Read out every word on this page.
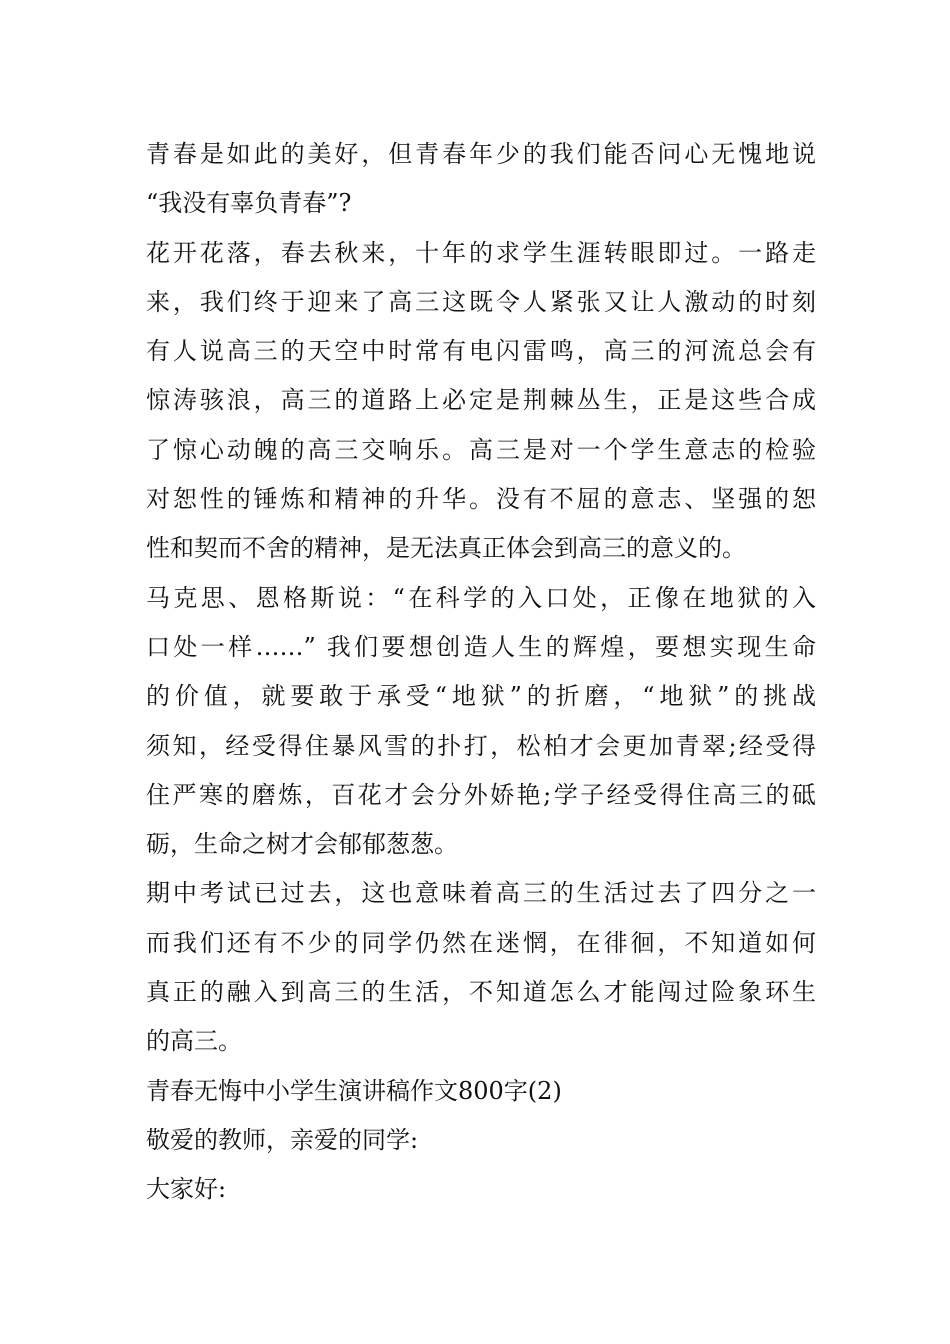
青春是如此的美好，但青春年少的我们能否问心无愧地说
“我没有辜负青春”?
花开花落，春去秋来，十年的求学生涯转眼即过。一路走
来，我们终于迎来了高三这既令人紧张又让人激动的时刻
有人说高三的天空中时常有电闪雷鸣，高三的河流总会有
惊涛骇浪，高三的道路上必定是荆棘丛生，正是这些合成
了惊心动魄的高三交响乐。高三是对一个学生意志的检验
对恕性的锤炼和精神的升华。没有不屈的意志、坚强的恕
性和契而不舍的精神，是无法真正体会到高三的意义的。
马克思、恩格斯说：“在科学的入口处，正像在地狱的入
口处一样……” 我们要想创造人生的辉煌，要想实现生命
的价值，就要敢于承受“地狱”的折磨，“地狱”的挑战
须知，经受得住暴风雪的扑打，松柏才会更加青翠;经受得
住严寒的磨炼，百花才会分外娇艳;学子经受得住高三的砥
砺，生命之树才会郁郁葱葱。
期中考试已过去，这也意味着高三的生活过去了四分之一
而我们还有不少的同学仍然在迷惘，在徘徊，不知道如何
真正的融入到高三的生活，不知道怎么才能闯过险象环生
的高三。
青春无悔中小学生演讲稿作文800字(2)
敬爱的教师，亲爱的同学:
大家好:
